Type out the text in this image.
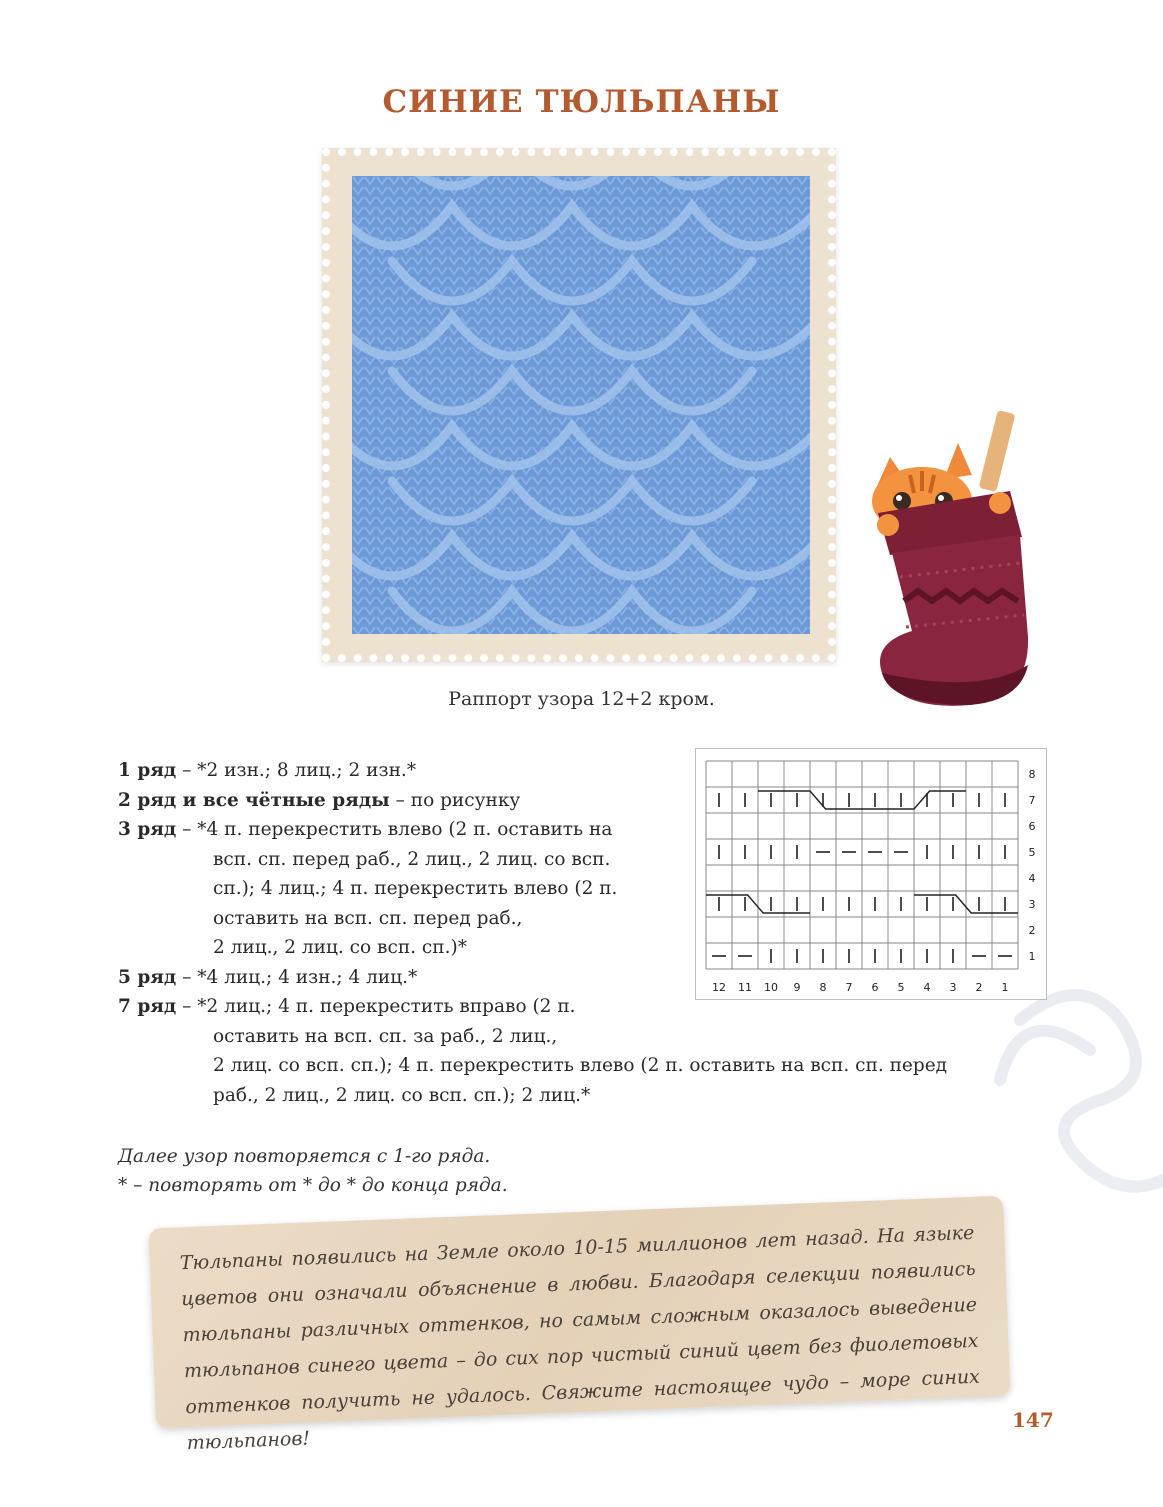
СИНИЕ ТЮЛЬПАНЫ
Раппорт узора 12+2 кром.
1 ряд – *2 изн.; 8 лиц.; 2 изн.*
2 ряд и все чётные ряды – по рисунку
3 ряд – *4 п. перекрестить влево (2 п. оставить на
всп. сп. перед раб., 2 лиц., 2 лиц. со всп.
сп.); 4 лиц.; 4 п. перекрестить влево (2 п.
оставить на всп. сп. перед раб.,
2 лиц., 2 лиц. со всп. сп.)*
5 ряд – *4 лиц.; 4 изн.; 4 лиц.*
7 ряд – *2 лиц.; 4 п. перекрестить вправо (2 п.
оставить на всп. сп. за раб., 2 лиц.,
2 лиц. со всп. сп.); 4 п. перекрестить влево (2 п. оставить на всп. сп. перед
раб., 2 лиц., 2 лиц. со всп. сп.); 2 лиц.*
12 11 10 9 8 7 6 5 4 3 2 1
8
7
6
5
4
3
2
1
Далее узор повторяется с 1-го ряда.
* – повторять от * до * до конца ряда.
Тюльпаны появились на Земле около 10-15 миллионов лет назад. На языке цветов они означали объяснение в любви. Благодаря селекции появились тюльпаны различных оттенков, но самым сложным оказалось выведение тюльпанов синего цвета – до сих пор чистый синий цвет без фиолетовых оттенков получить не удалось. Свяжите настоящее чудо – море синих тюльпанов!
147
